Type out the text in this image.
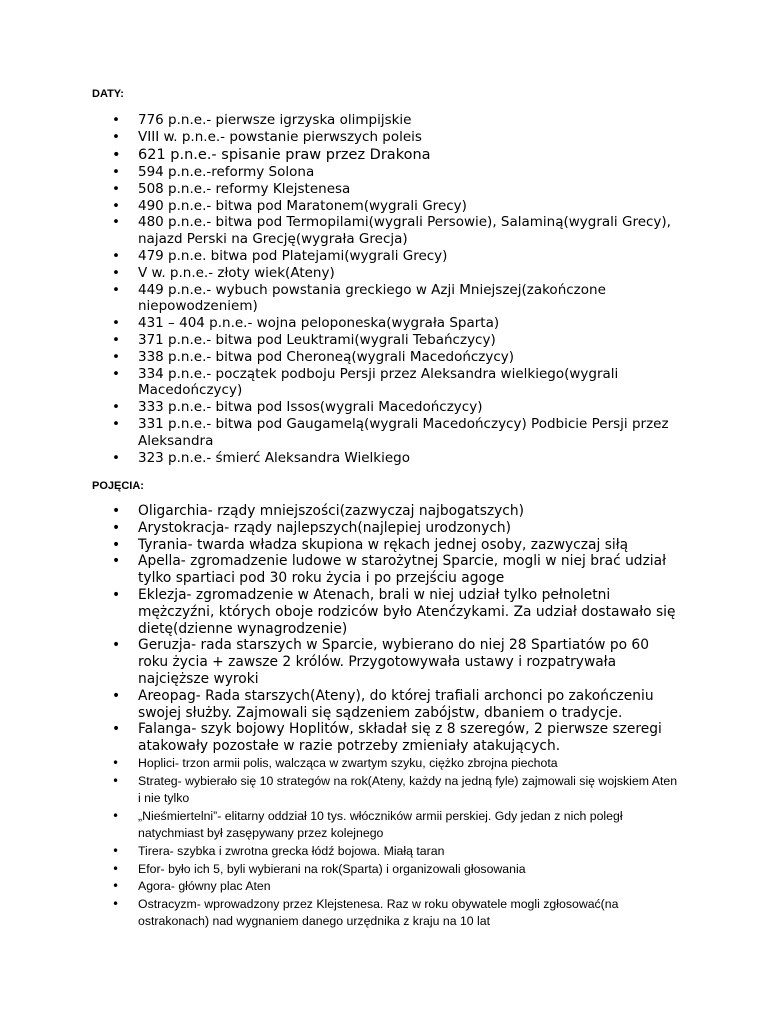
DATY:
• 776 p.n.e.- pierwsze igrzyska olimpijskie
• VIII w. p.n.e.- powstanie pierwszych poleis
• 621 p.n.e.- spisanie praw przez Drakona
• 594 p.n.e.-reformy Solona
• 508 p.n.e.- reformy Klejstenesa
• 490 p.n.e.- bitwa pod Maratonem(wygrali Grecy)
• 480 p.n.e.- bitwa pod Termopilami(wygrali Persowie), Salaminą(wygrali Grecy), najazd Perski na Grecję(wygrała Grecja)
• 479 p.n.e. bitwa pod Platejami(wygrali Grecy)
• V w. p.n.e.- złoty wiek(Ateny)
• 449 p.n.e.- wybuch powstania greckiego w Azji Mniejszej(zakończone niepowodzeniem)
• 431 – 404 p.n.e.- wojna peloponeska(wygrała Sparta)
• 371 p.n.e.- bitwa pod Leuktrami(wygrali Tebańczycy)
• 338 p.n.e.- bitwa pod Cheroneą(wygrali Macedończycy)
• 334 p.n.e.- początek podboju Persji przez Aleksandra wielkiego(wygrali Macedończycy)
• 333 p.n.e.- bitwa pod Issos(wygrali Macedończycy)
• 331 p.n.e.- bitwa pod Gaugamelą(wygrali Macedończycy) Podbicie Persji przez Aleksandra
• 323 p.n.e.- śmierć Aleksandra Wielkiego
POJĘCIA:
• Oligarchia- rządy mniejszości(zazwyczaj najbogatszych)
• Arystokracja- rządy najlepszych(najlepiej urodzonych)
• Tyrania- twarda władza skupiona w rękach jednej osoby, zazwyczaj siłą
• Apella- zgromadzenie ludowe w starożytnej Sparcie, mogli w niej brać udział tylko spartiaci pod 30 roku życia i po przejściu agoge
• Eklezja- zgromadzenie w Atenach, brali w niej udział tylko pełnoletni mężczyźni, których oboje rodziców było Atenćzykami. Za udział dostawało się dietę(dzienne wynagrodzenie)
• Geruzja- rada starszych w Sparcie, wybierano do niej 28 Spartiatów po 60 roku życia + zawsze 2 królów. Przygotowywała ustawy i rozpatrywała najcięższe wyroki
• Areopag- Rada starszych(Ateny), do której trafiali archonci po zakończeniu swojej służby. Zajmowali się sądzeniem zabójstw, dbaniem o tradycje.
• Falanga- szyk bojowy Hoplitów, składał się z 8 szeregów, 2 pierwsze szeregi atakowały pozostałe w razie potrzeby zmieniały atakujących.
• Hoplici- trzon armii polis, walcząca w zwartym szyku, ciężko zbrojna piechota
• Strateg- wybierało się 10 strategów na rok(Ateny, każdy na jedną fyle) zajmowali się wojskiem Aten i nie tylko
• „Nieśmiertelni”- elitarny oddział 10 tys. włóczników armii perskiej. Gdy jedan z nich poległ natychmiast był zasępywany przez kolejnego
• Tirera- szybka i zwrotna grecka łódź bojowa. Miałą taran
• Efor- było ich 5, byli wybierani na rok(Sparta) i organizowali głosowania
• Agora- główny plac Aten
• Ostracyzm- wprowadzony przez Klejstenesa. Raz w roku obywatele mogli zgłosować(na ostrakonach) nad wygnaniem danego urzędnika z kraju na 10 lat
